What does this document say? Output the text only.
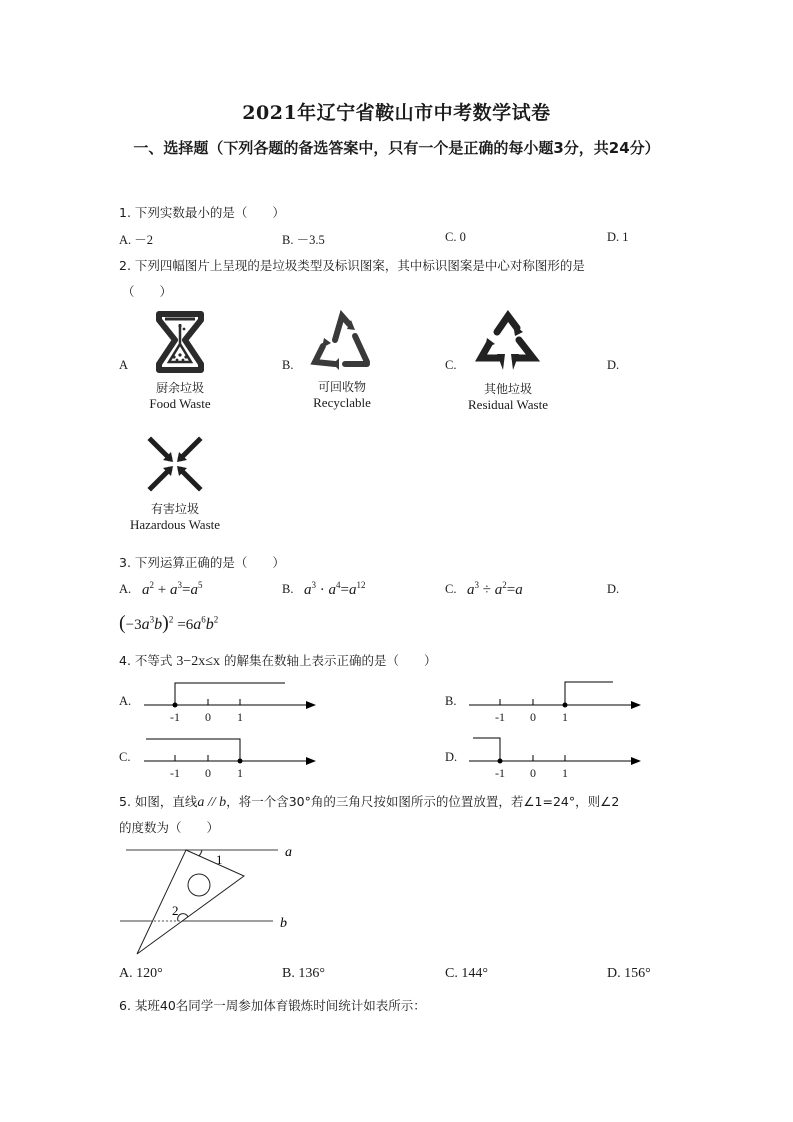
2021年辽宁省鞍山市中考数学试卷
一、选择题（下列各题的备选答案中，只有一个是正确的每小题3分，共24分）
1. 下列实数最小的是（　　）
A. －2	B. －3.5	C. 0	D. 1
2. 下列四幅图片上呈现的是垃圾类型及标识图案，其中标识图案是中心对称图形的是
（　　）
A
厨余垃圾
Food Waste
B.
可回收物
Recyclable
C.
其他垃圾
Residual Waste
D.
有害垃圾
Hazardous Waste
3. 下列运算正确的是（　　）
A. $a^2 + a^3=a^5$	B. $a^3 \cdot a^4=a^{12}$	C. $a^3 \div a^2=a$	D.
$(-3a^3b)^2 =6a^6b^2$
4. 不等式 3−2x≤x 的解集在数轴上表示正确的是（　　）
A.
-1 0 1
B.
-1 0 1
C.
-1 0 1
D.
-1 0 1
5. 如图，直线a // b，将一个含30°角的三角尺按如图所示的位置放置，若∠1=24°，则∠2
的度数为（　　）
1
2
a
b
A. 120°	B. 136°	C. 144°	D. 156°
6. 某班40名同学一周参加体育锻炼时间统计如表所示：
